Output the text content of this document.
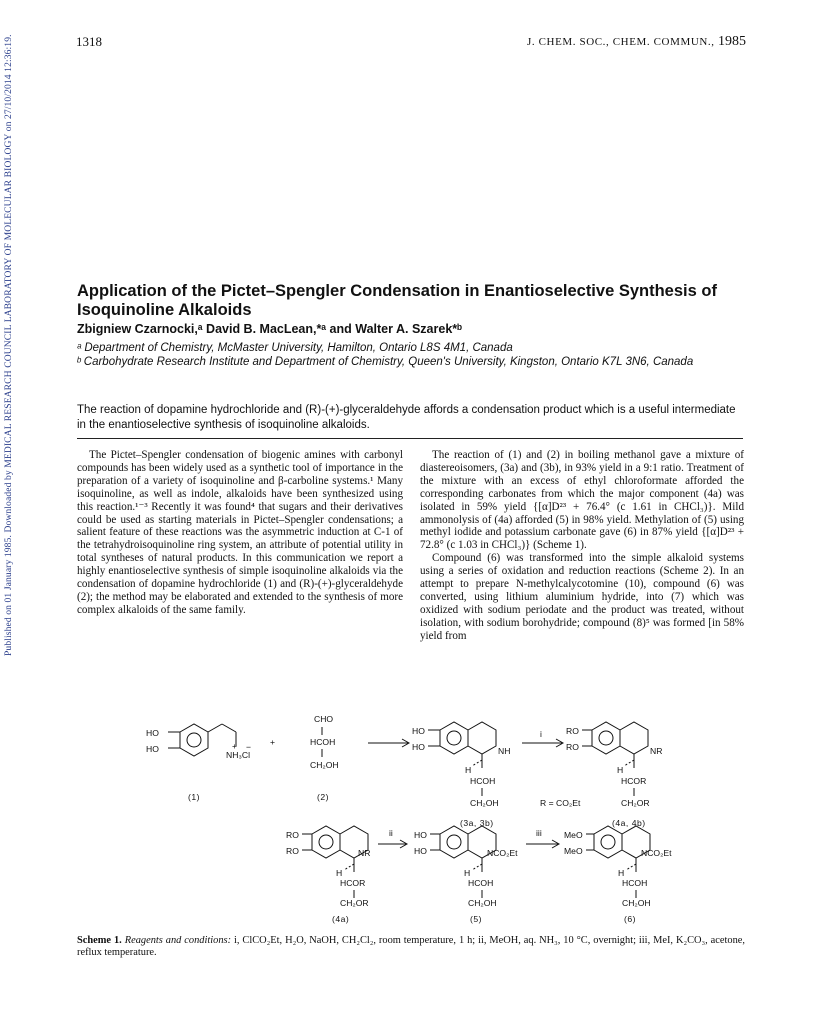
Published on 01 January 1985. Downloaded by MEDICAL RESEARCH COUNCIL LABORATORY OF MOLECULAR BIOLOGY on 27/10/2014 12:36:19.	1318	J. CHEM. SOC., CHEM. COMMUN., 1985
Application of the Pictet–Spengler Condensation in Enantioselective Synthesis of Isoquinoline Alkaloids
Zbigniew Czarnocki,ᵃ David B. MacLean,*ᵃ and Walter A. Szarek*ᵇ
ᵃ Department of Chemistry, McMaster University, Hamilton, Ontario L8S 4M1, Canada
ᵇ Carbohydrate Research Institute and Department of Chemistry, Queen's University, Kingston, Ontario K7L 3N6, Canada
The reaction of dopamine hydrochloride and (R)-(+)-glyceraldehyde affords a condensation product which is a useful intermediate in the enantioselective synthesis of isoquinoline alkaloids.

The Pictet–Spengler condensation of biogenic amines with carbonyl compounds has been widely used as a synthetic tool of importance in the preparation of a variety of isoquinoline and β-carboline systems.¹ Many isoquinoline, as well as indole, alkaloids have been synthesized using this reaction.¹⁻³ Recently it was found⁴ that sugars and their derivatives could be used as starting materials in Pictet–Spengler condensations; a salient feature of these reactions was the asymmetric induction at C-1 of the tetrahydroisoquinoline ring system, an attribute of potential utility in total syntheses of natural products. In this communication we report a highly enantioselective synthesis of simple isoquinoline alkaloids via the condensation of dopamine hydrochloride (1) and (R)-(+)-glyceraldehyde (2); the method may be elaborated and extended to the synthesis of more complex alkaloids of the same family.

The reaction of (1) and (2) in boiling methanol gave a mixture of diastereoisomers, (3a) and (3b), in 93% yield in a 9:1 ratio. Treatment of the mixture with an excess of ethyl chloroformate afforded the corresponding carbonates from which the major component (4a) was isolated in 59% yield {[α]D²³ + 76.4° (c 1.61 in CHCl₃)}. Mild ammonolysis of (4a) afforded (5) in 98% yield. Methylation of (5) using methyl iodide and potassium carbonate gave (6) in 87% yield {[α]D²³ + 72.8° (c 1.03 in CHCl₃)} (Scheme 1).

Compound (6) was transformed into the simple alkaloid systems using a series of oxidation and reduction reactions (Scheme 2). In an attempt to prepare N-methylcalycotomine (10), compound (6) was converted, using lithium aluminium hydride, into (7) which was oxidized with sodium periodate and the product was treated, without isolation, with sodium borohydride; compound (8)⁵ was formed [in 58% yield from

HO
HO
NH₃Cl
+ −
(1)
+
CHO
HCOH
CH₂OH
(2)
HO
HO	NH
H
HCOH
CH₂OH
(3a, 3b)
i	RO
RO	NR
H
HCOR
CH₂OR
R = CO₂Et
(4a, 4b)
RO
RO	NR
H
HCOR
CH₂OR
(4a)
ii HO
HO	NCO₂Et
H
HCOH
CH₂OH
(5)
iii	MeO
MeO	NCO₂Et
H
HCOH
CH₂OH
(6)
Scheme 1. Reagents and conditions: i, ClCO₂Et, H₂O, NaOH, CH₂Cl₂, room temperature, 1 h; ii, MeOH, aq. NH₃, 10 °C, overnight; iii, MeI, K₂CO₃, acetone, reflux temperature.
